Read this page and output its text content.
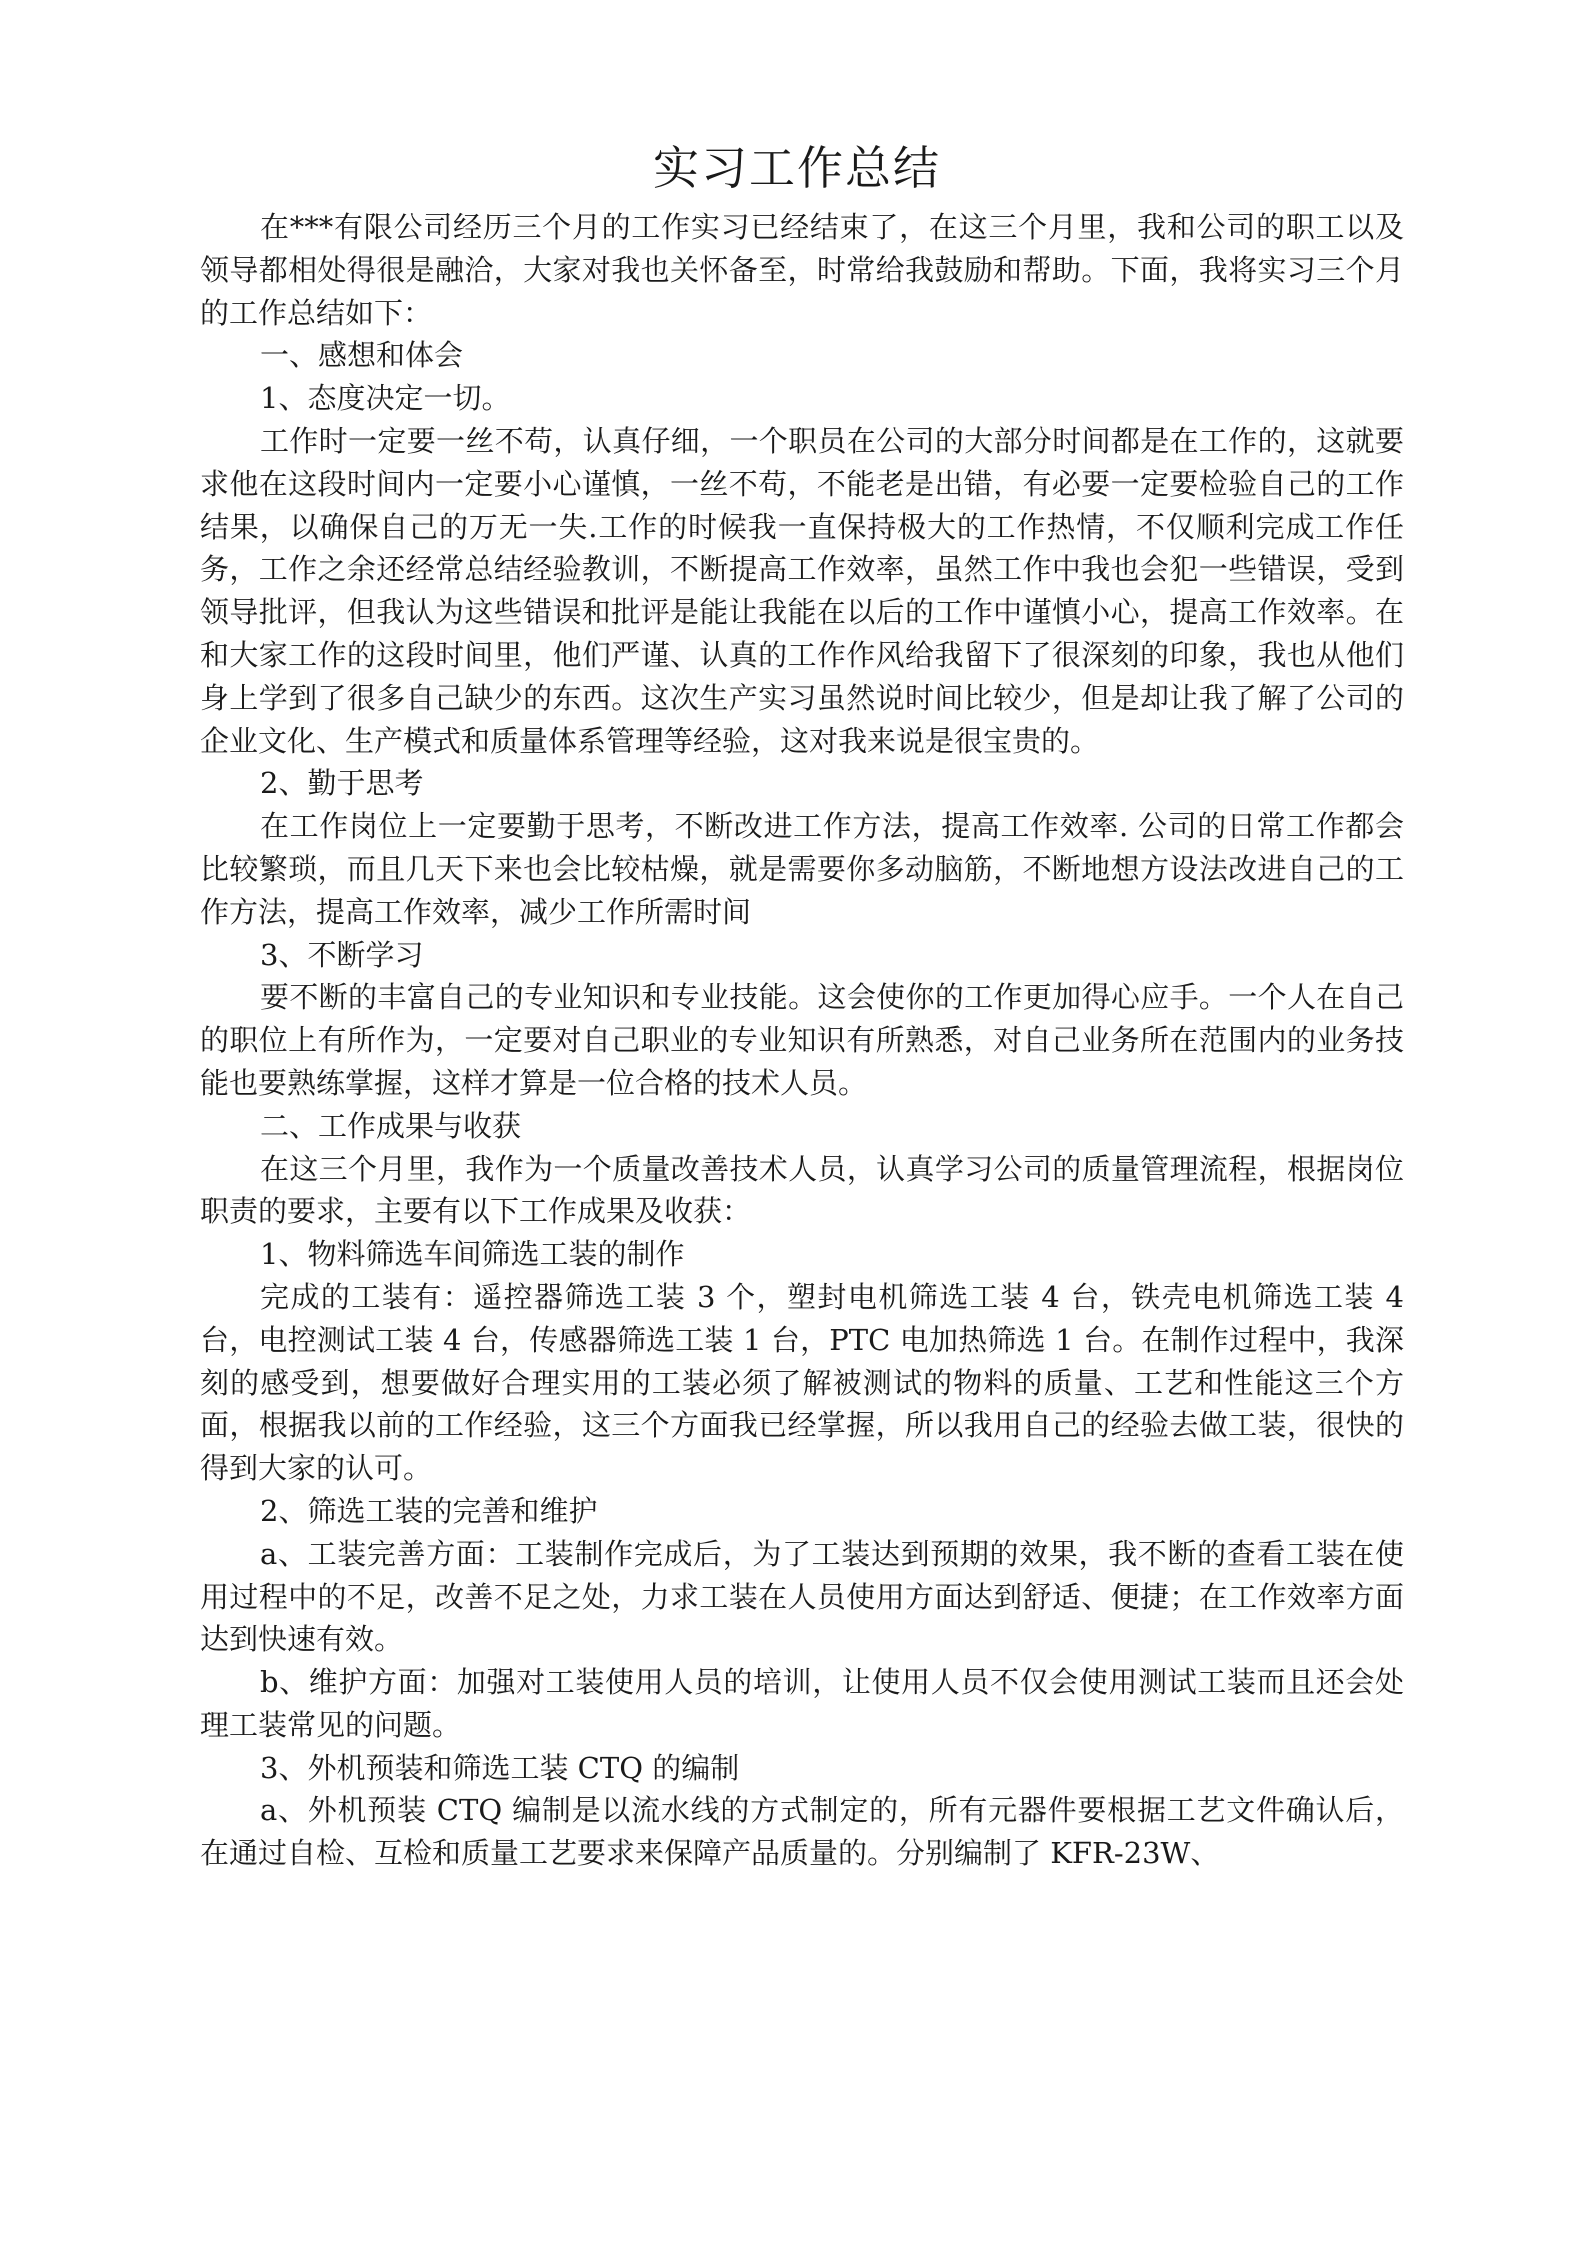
实习工作总结

在***有限公司经历三个月的工作实习已经结束了，在这三个月里，我和公司的职工以及领导都相处得很是融洽，大家对我也关怀备至，时常给我鼓励和帮助。下面，我将实习三个月的工作总结如下：

一、感想和体会

1、态度决定一切。

工作时一定要一丝不苟，认真仔细，一个职员在公司的大部分时间都是在工作的，这就要求他在这段时间内一定要小心谨慎，一丝不苟，不能老是出错，有必要一定要检验自己的工作结果，以确保自己的万无一失.工作的时候我一直保持极大的工作热情，不仅顺利完成工作任务，工作之余还经常总结经验教训，不断提高工作效率，虽然工作中我也会犯一些错误，受到领导批评，但我认为这些错误和批评是能让我能在以后的工作中谨慎小心，提高工作效率。在和大家工作的这段时间里，他们严谨、认真的工作作风给我留下了很深刻的印象，我也从他们身上学到了很多自己缺少的东西。这次生产实习虽然说时间比较少，但是却让我了解了公司的企业文化、生产模式和质量体系管理等经验，这对我来说是很宝贵的。

2、勤于思考

在工作岗位上一定要勤于思考，不断改进工作方法，提高工作效率. 公司的日常工作都会比较繁琐，而且几天下来也会比较枯燥，就是需要你多动脑筋，不断地想方设法改进自己的工作方法，提高工作效率，减少工作所需时间

3、不断学习

要不断的丰富自己的专业知识和专业技能。这会使你的工作更加得心应手。一个人在自己的职位上有所作为，一定要对自己职业的专业知识有所熟悉，对自己业务所在范围内的业务技能也要熟练掌握，这样才算是一位合格的技术人员。

二、工作成果与收获

在这三个月里，我作为一个质量改善技术人员，认真学习公司的质量管理流程，根据岗位职责的要求，主要有以下工作成果及收获：

1、物料筛选车间筛选工装的制作

完成的工装有：遥控器筛选工装 3 个，塑封电机筛选工装 4 台，铁壳电机筛选工装 4 台，电控测试工装 4 台，传感器筛选工装 1 台，PTC 电加热筛选 1 台。在制作过程中，我深刻的感受到，想要做好合理实用的工装必须了解被测试的物料的质量、工艺和性能这三个方面，根据我以前的工作经验，这三个方面我已经掌握，所以我用自己的经验去做工装，很快的得到大家的认可。

2、筛选工装的完善和维护

a、工装完善方面：工装制作完成后，为了工装达到预期的效果，我不断的查看工装在使用过程中的不足，改善不足之处，力求工装在人员使用方面达到舒适、便捷；在工作效率方面达到快速有效。

b、维护方面：加强对工装使用人员的培训，让使用人员不仅会使用测试工装而且还会处理工装常见的问题。

3、外机预装和筛选工装 CTQ 的编制

a、外机预装 CTQ 编制是以流水线的方式制定的，所有元器件要根据工艺文件确认后，在通过自检、互检和质量工艺要求来保障产品质量的。分别编制了 KFR-23W、
